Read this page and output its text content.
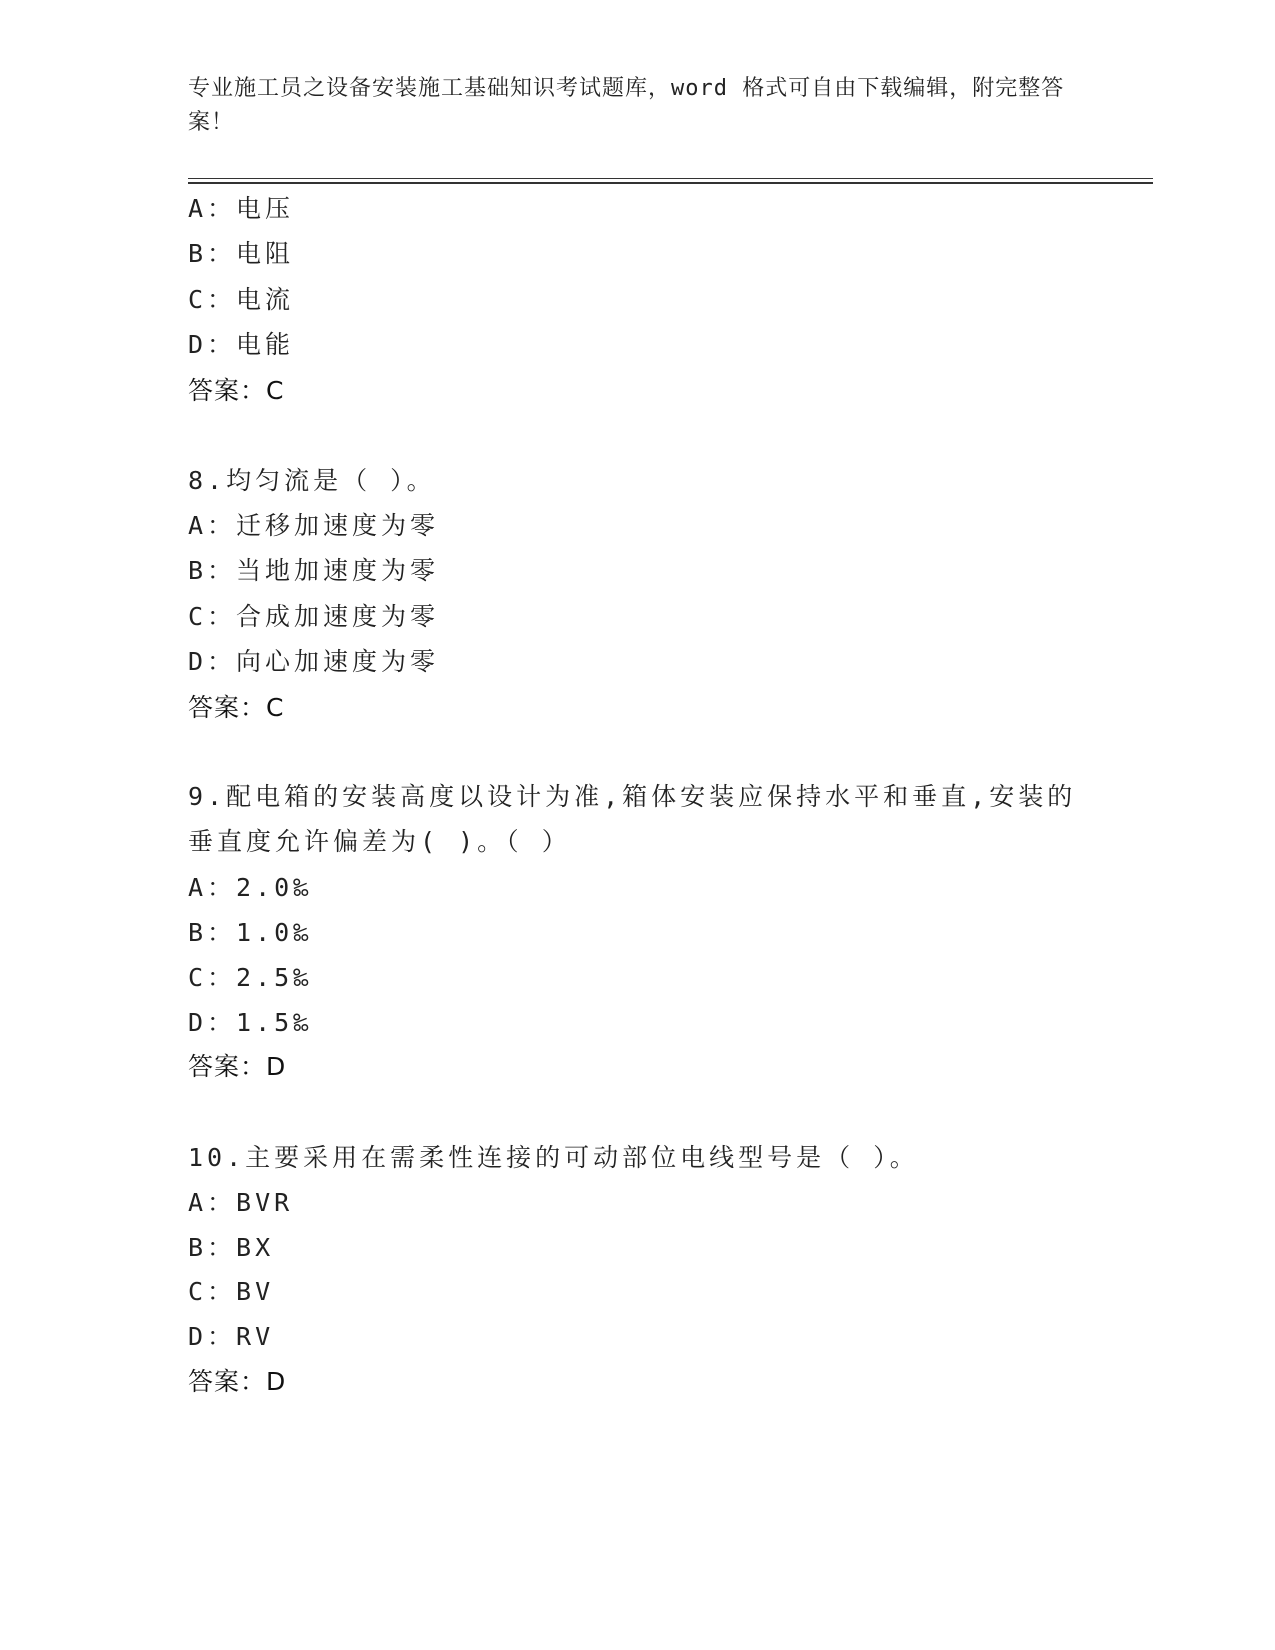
专业施工员之设备安装施工基础知识考试题库，word 格式可自由下载编辑，附完整答案！
A：电压
B：电阻
C：电流
D：电能
答案：C
8.均匀流是（ ）。
A：迁移加速度为零
B：当地加速度为零
C：合成加速度为零
D：向心加速度为零
答案：C
9.配电箱的安装高度以设计为准,箱体安装应保持水平和垂直,安装的
垂直度允许偏差为( )。（ ）
A：2.0‰
B：1.0‰
C：2.5‰
D：1.5‰
答案：D
10.主要采用在需柔性连接的可动部位电线型号是（ ）。
A：BVR
B：BX
C：BV
D：RV
答案：D
